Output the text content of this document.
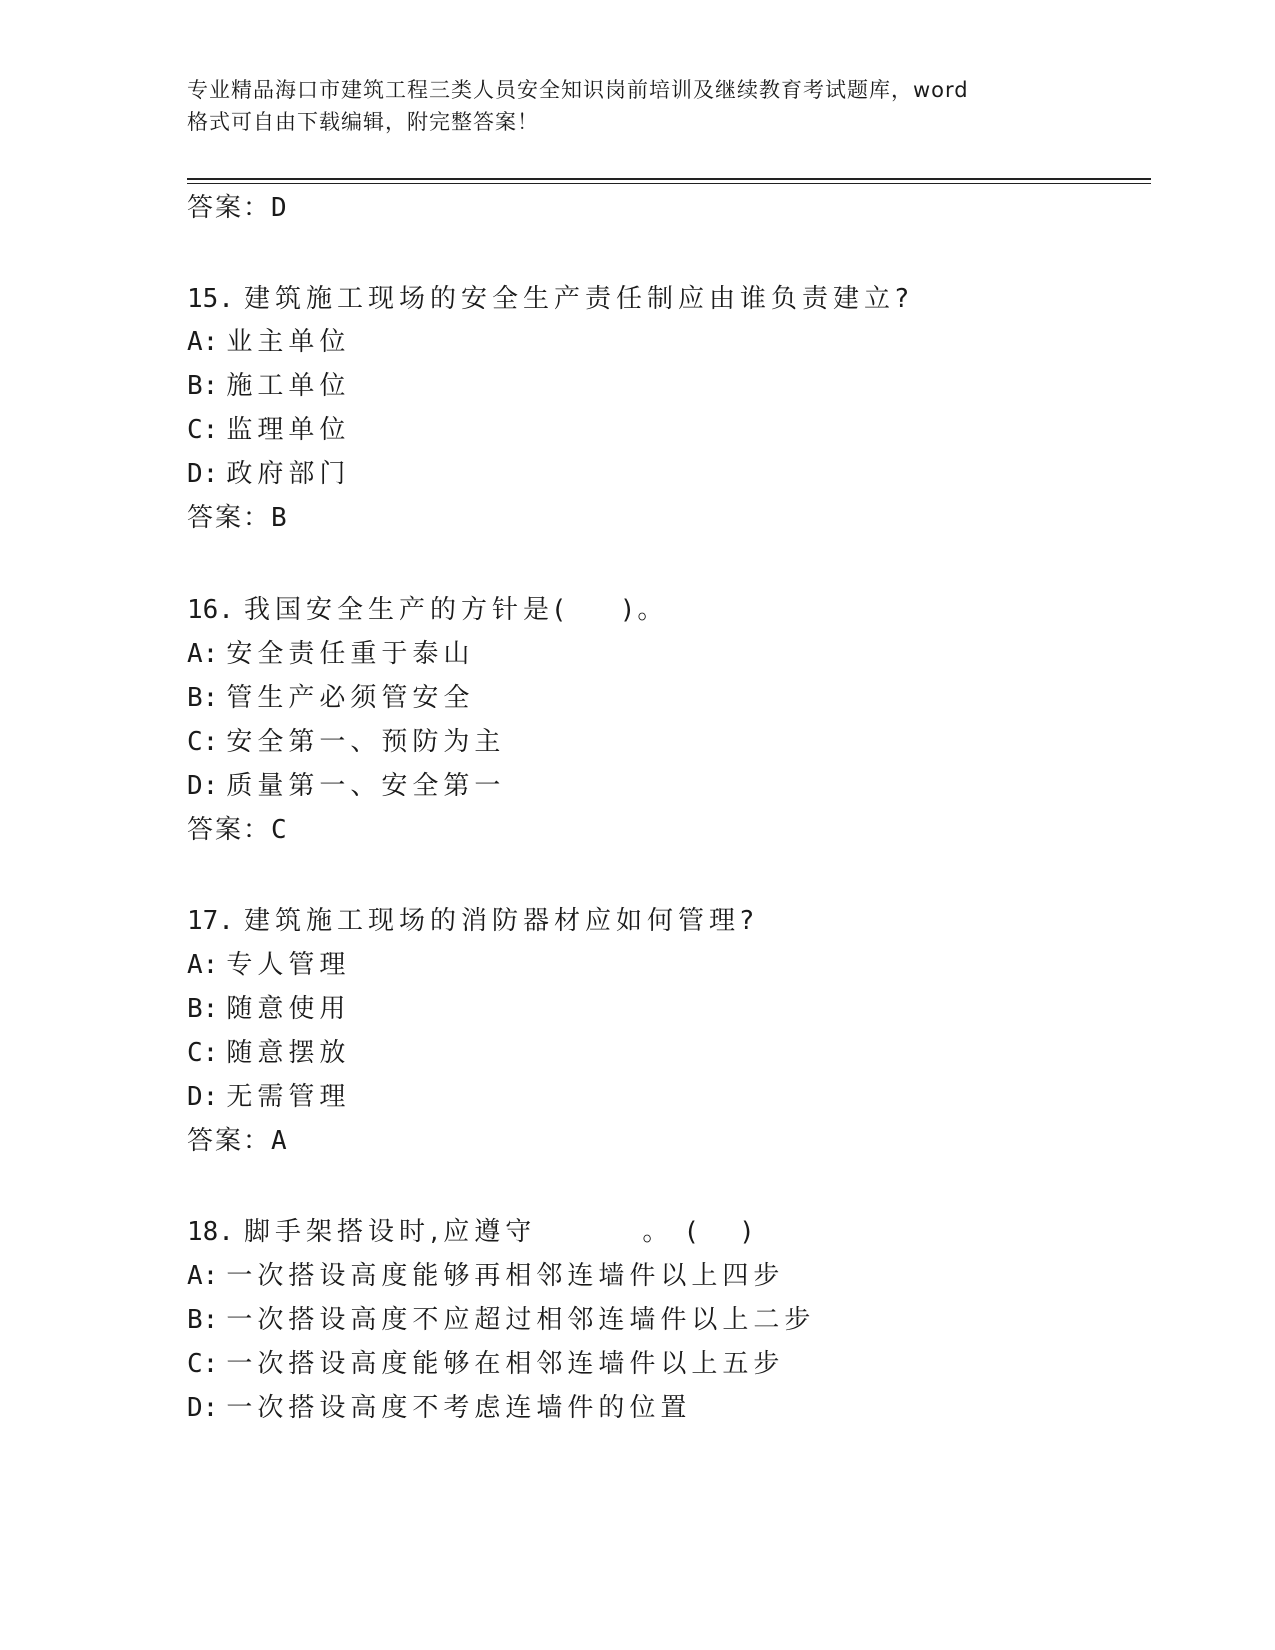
专业精品海口市建筑工程三类人员安全知识岗前培训及继续教育考试题库，word
格式可自由下载编辑，附完整答案！
答案：D
15. 建筑施工现场的安全生产责任制应由谁负责建立?
A: 业主单位
B: 施工单位
C: 监理单位
D: 政府部门
答案：B
16. 我国安全生产的方针是(    )。
A: 安全责任重于泰山
B: 管生产必须管安全
C: 安全第一、预防为主
D: 质量第一、安全第一
答案：C
17. 建筑施工现场的消防器材应如何管理?
A: 专人管理
B: 随意使用
C: 随意摆放
D: 无需管理
答案：A
18. 脚手架搭设时,应遵守        。 (   )
A: 一次搭设高度能够再相邻连墙件以上四步
B: 一次搭设高度不应超过相邻连墙件以上二步
C: 一次搭设高度能够在相邻连墙件以上五步
D: 一次搭设高度不考虑连墙件的位置
